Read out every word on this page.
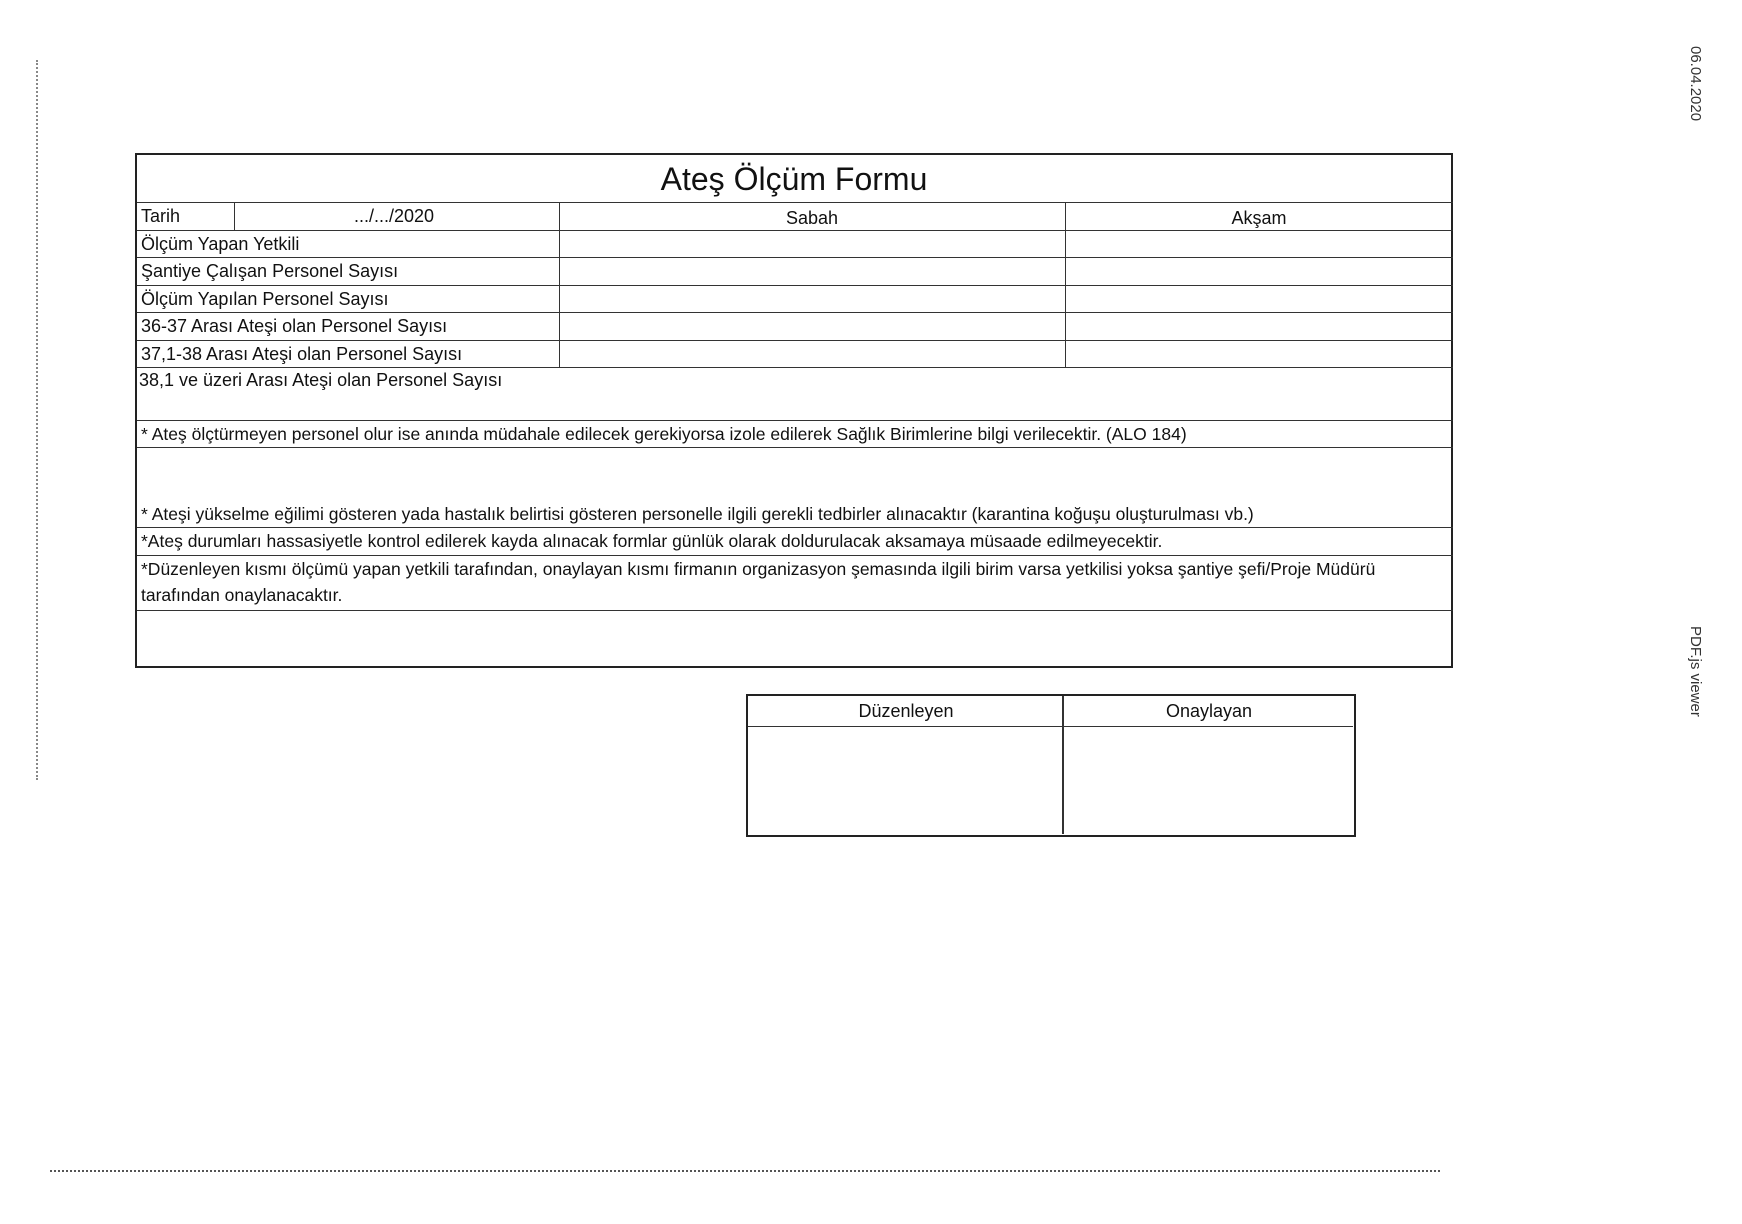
06.04.2020
PDF.js viewer
Ateş Ölçüm Formu
Tarih	.../.../2020	Sabah	Akşam
Ölçüm Yapan Yetkili
Şantiye Çalışan Personel Sayısı
Ölçüm Yapılan Personel Sayısı
36-37 Arası Ateşi olan Personel Sayısı
37,1-38 Arası Ateşi olan Personel Sayısı
* Ateş ölçtürmeyen personel olur ise anında müdahale edilecek gerekiyorsa izole edilerek Sağlık Birimlerine bilgi verilecektir. (ALO 184)
* Ateşi yükselme eğilimi gösteren yada hastalık belirtisi gösteren personelle ilgili gerekli tedbirler alınacaktır (karantina koğuşu oluşturulması vb.)
*Ateş durumları hassasiyetle kontrol edilerek kayda alınacak formlar günlük olarak doldurulacak aksamaya müsaade edilmeyecektir.
*Düzenleyen kısmı ölçümü yapan yetkili tarafından, onaylayan kısmı firmanın organizasyon şemasında ilgili birim varsa yetkilisi yoksa şantiye şefi/Proje Müdürü tarafından onaylanacaktır.
38,1 ve üzeri Arası Ateşi olan Personel Sayısı
Düzenleyen	Onaylayan
